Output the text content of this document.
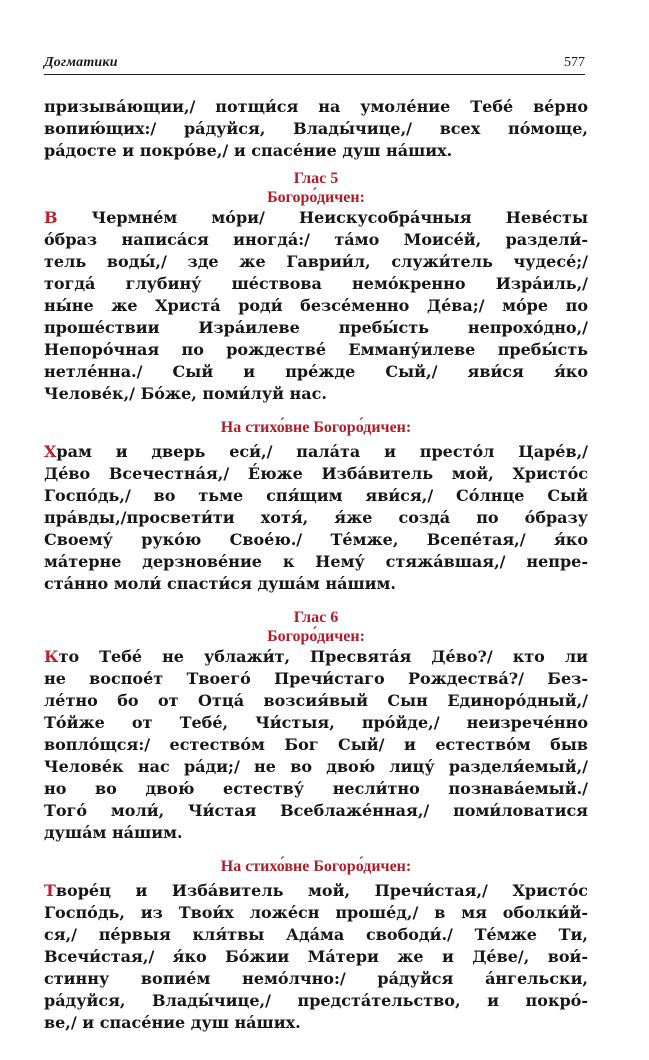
Догматики	577
призыва́ющии,/ потщи́ся на умоле́ние Тебе́ ве́рно
вопию́щих:/ ра́дуйся, Влады́чице,/ всех по́моще,
ра́досте и покро́ве,/ и спасе́ние душ на́ших.
Глас 5
Богоро́дичен:
В Чермне́м мо́ри/ Неискусобра́чныя Неве́сты
о́браз написа́ся иногда́:/ та́мо Моисе́й, раздели́-
тель воды́,/ зде же Гаврии́л, служи́тель чудесе́;/
тогда́ глубину́ ше́ствова немо́кренно Изра́иль,/
ны́не же Христа́ роди́ безсе́менно Де́ва;/ мо́ре по
проше́ствии Изра́илеве пребы́сть непрохо́дно,/
Непоро́чная по рождестве́ Емману́илеве пребы́сть
нетле́нна./ Сый и пре́жде Сый,/ яви́ся я́ко
Челове́к,/ Бо́же, поми́луй нас.
На стихо́вне Богоро́дичен:
Храм и дверь еси́,/ пала́та и престо́л Царе́в,/
Де́во Всечестна́я,/ Е́юже Изба́витель мой, Христо́с
Госпо́дь,/ во тьме спя́щим яви́ся,/ Со́лнце Сый
пра́вды,/просвети́ти хотя́, я́же созда́ по о́бразу
Своему́ руко́ю Свое́ю./ Те́мже, Всепе́тая,/ я́ко
ма́терне дерзнове́ние к Нему́ стяжа́вшая,/ непре-
ста́нно моли́ спасти́ся душа́м на́шим.
Глас 6
Богоро́дичен:
Кто Тебе́ не ублажи́т, Пресвята́я Де́во?/ кто ли
не воспое́т Твоего́ Пречи́стаго Рождества́?/ Без-
ле́тно бо от Отца́ возсия́вый Сын Единоро́дный,/
То́йже от Тебе́, Чи́стыя, про́йде,/ неизрече́нно
вопло́щся:/ естество́м Бог Сый/ и естество́м быв
Челове́к нас ра́ди;/ не во двою́ лицу́ разделя́емый,/
но во двою́ естеству́ несли́тно познава́емый./
Того́ моли́, Чи́стая Всеблаже́нная,/ поми́ловатися
душа́м на́шим.
На стихо́вне Богоро́дичен:
Творе́ц и Изба́витель мой, Пречи́стая,/ Христо́с
Госпо́дь, из Твои́х ложе́сн проше́д,/ в мя оболки́й-
ся,/ пе́рвыя кля́твы Ада́ма свободи́./ Те́мже Ти,
Всечи́стая,/ я́ко Бо́жии Ма́тери же и Де́ве/, вои́-
стинну вопие́м немо́лчно:/ ра́дуйся а́нгельски,
ра́дуйся, Влады́чице,/ предста́тельство, и покро́-
ве,/ и спасе́ние душ на́ших.
